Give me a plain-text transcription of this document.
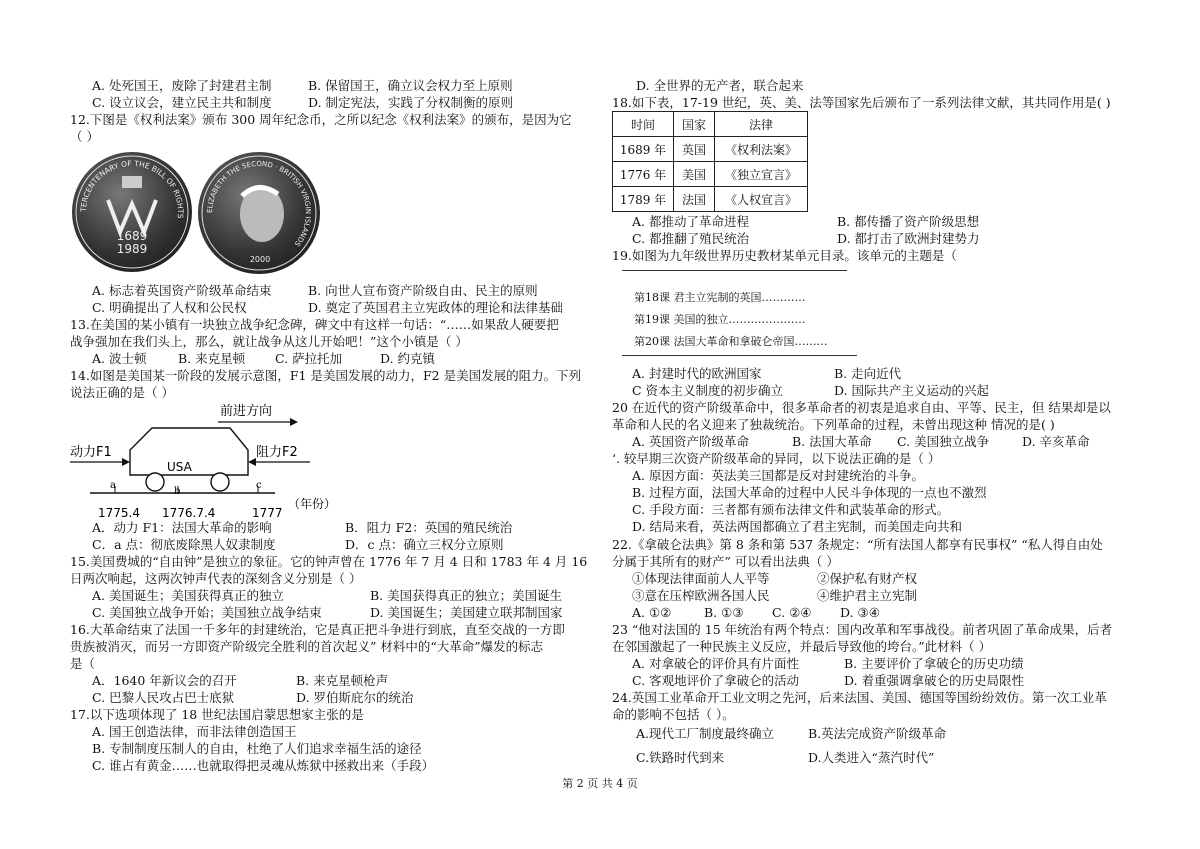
A. 处死国王，废除了封建君主制	B. 保留国王，确立议会权力至上原则
C. 设立议会，建立民主共和制度	D. 制定宪法，实践了分权制衡的原则
12.下图是《权利法案》颁布 300 周年纪念币，之所以纪念《权利法案》的颁布，是因为它
（ ）
TERCENTENARY OF THE BILL OF RIGHTS
1689
1989
ELIZABETH THE SECOND · BRITISH VIRGIN ISLANDS
2000
A. 标志着英国资产阶级革命结束	B. 向世人宣布资产阶级自由、民主的原则
C. 明确提出了人权和公民权	D. 奠定了英国君主立宪政体的理论和法律基础
13.在美国的某小镇有一块独立战争纪念碑，碑文中有这样一句话：“……如果敌人硬要把
战争强加在我们头上，那么，就让战争从这儿开始吧！”这个小镇是（ ）
A. 波士顿	B. 来克星顿 C. 萨拉托加	D. 约克镇
14.如图是美国某一阶段的发展示意图，F1 是美国发展的动力，F2 是美国发展的阻力。下列
说法正确的是（ ）
前进方向
USA
动力F1	阻力F2
a
b
c
1775.4 1776.7.4	1777
（年份）
A．动力 F1：法国大革命的影响	B．阻力 F2：英国的殖民统治
C．a 点：彻底废除黑人奴隶制度	D．c 点：确立三权分立原则
15.美国费城的“自由钟”是独立的象征。它的钟声曾在 1776 年 7 月 4 日和 1783 年 4 月 16
日两次响起，这两次钟声代表的深刻含义分别是（ ）
A. 美国诞生；美国获得真正的独立	B. 美国获得真正的独立；美国诞生
C. 美国独立战争开始；美国独立战争结束	D. 美国诞生；美国建立联邦制国家
16.大革命结束了法国一千多年的封建统治，它是真正把斗争进行到底，直至交战的一方即
贵族被消灭，而另一方即资产阶级完全胜利的首次起义” 材料中的“大革命”爆发的标志
是（
A．1640 年新议会的召开	B. 来克星顿枪声
C. 巴黎人民攻占巴士底狱	D. 罗伯斯庇尔的统治
17.以下选项体现了 18 世纪法国启蒙思想家主张的是
A. 国王创造法律，而非法律创造国王
B. 专制制度压制人的自由，杜绝了人们追求幸福生活的途径
C. 谁占有黄金……也就取得把灵魂从炼狱中拯救出来（手段）
D. 全世界的无产者，联合起来
18.如下表，17-19 世纪，英、美、法等国家先后颁布了一系列法律文献，其共同作用是( )
时间	国家	法律
1689 年	英国	《权利法案》
1776 年	美国	《独立宣言》
1789 年	法国	《人权宣言》
A. 都推动了革命进程	B. 都传播了资产阶级思想
C. 都推翻了殖民统治	D. 都打击了欧洲封建势力
19.如图为九年级世界历史教材某单元目录。该单元的主题是（
第18课 君主立宪制的英国…………
第19课 美国的独立…………………
第20课 法国大革命和拿破仑帝国………
A. 封建时代的欧洲国家	B. 走向近代
C 资本主义制度的初步确立	D. 国际共产主义运动的兴起
20 在近代的资产阶级革命中，很多革命者的初衷是追求自由、平等、民主，但 结果却是以
革命和人民的名义迎来了独裁统治。下列革命的过程，未曾出现这种 情况的是( )
A. 英国资产阶级革命	B. 法国大革命 C. 美国独立战争	D. 辛亥革命
‘. 较早期三次资产阶级革命的异同，以下说法正确的是（ ）
A. 原因方面：英法美三国都是反对封建统治的斗争。
B. 过程方面，法国大革命的过程中人民斗争体现的一点也不激烈
C. 手段方面：三者都有颁布法律文件和武装革命的形式。
D. 结局来看，英法两国都确立了君主宪制，而美国走向共和
22.《拿破仑法典》第 8 条和第 537 条规定：“所有法国人都享有民事权” “私人得自由处
分属于其所有的财产” 可以看出法典（ ）
①体现法律面前人人平等	②保护私有财产权
③意在压榨欧洲各国人民	④维护君主立宪制
A. ①②	B. ①③ C. ②④ D. ③④
23 “他对法国的 15 年统治有两个特点：国内改革和军事战役。前者巩固了革命成果，后者
在邻国激起了一种民族主义反应，并最后导致他的垮台。”此材料（ ）
A. 对拿破仑的评价具有片面性	B. 主要评价了拿破仑的历史功绩
C. 客观地评价了拿破仑的活动	D. 着重强调拿破仑的历史局限性
24.英国工业革命开工业文明之先河，后来法国、美国、德国等国纷纷效仿。第一次工业革
命的影响不包括（ ）。
A.现代工厂制度最终确立	B.英法完成资产阶级革命
C.铁路时代到来	D.人类进入“蒸汽时代”
第 2 页 共 4 页
